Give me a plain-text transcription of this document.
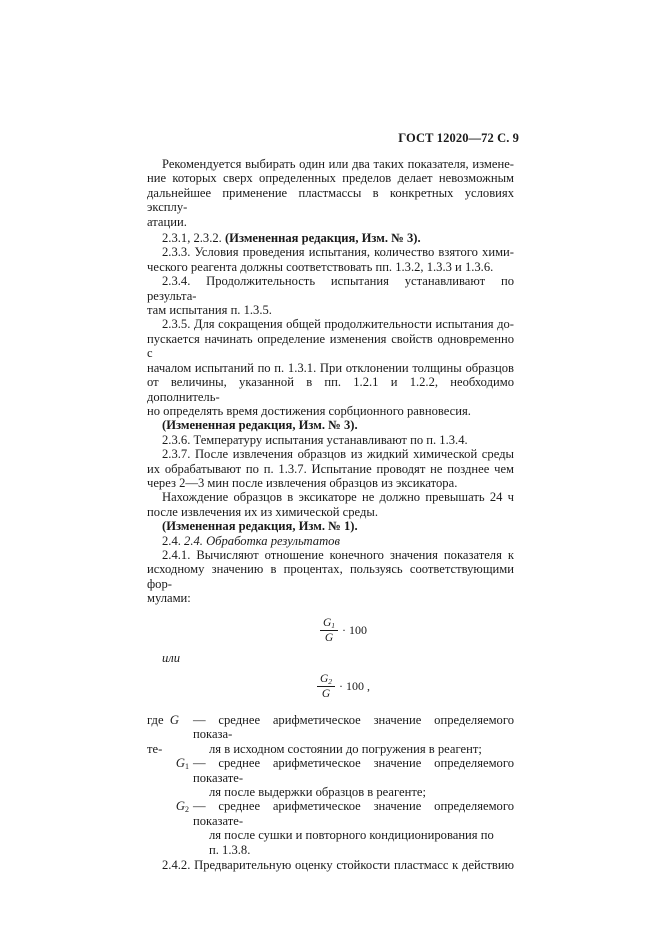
ГОСТ 12020—72 С. 9

Рекомендуется выбирать один или два таких показателя, измене-

ние которых сверх определенных пределов делает невозможным

дальнейшее применение пластмассы в конкретных условиях эксплу-

атации.

2.3.1, 2.3.2. (Измененная редакция, Изм. № 3).

2.3.3. Условия проведения испытания, количество взятого хими-

ческого реагента должны соответствовать пп. 1.3.2, 1.3.3 и 1.3.6.

2.3.4. Продолжительность испытания устанавливают по результа-

там испытания п. 1.3.5.

2.3.5. Для сокращения общей продолжительности испытания до-

пускается начинать определение изменения свойств одновременно с

началом испытаний по п. 1.3.1. При отклонении толщины образцов

от величины, указанной в пп. 1.2.1 и 1.2.2, необходимо дополнитель-

но определять время достижения сорбционного равновесия.

(Измененная редакция, Изм. № 3).

2.3.6. Температуру испытания устанавливают по п. 1.3.4.

2.3.7. После извлечения образцов из жидкий химической среды

их обрабатывают по п. 1.3.7. Испытание проводят не позднее чем

через 2—3 мин после извлечения образцов из эксикатора.

Нахождение образцов в эксикаторе не должно превышать 24 ч

после извлечения их из химической среды.

(Измененная редакция, Изм. № 1).

2.4. 2.4. Обработка результатов

2.4.1. Вычисляют отношение конечного значения показателя к

исходному значению в процентах, пользуясь соответствующими фор-

мулами:

$\frac{G_1}{G} \cdot 100$

или

$\frac{G_2}{G} \cdot 100$ ,
где G	— среднее арифметическое значение определяемого показа-
те-	ля в исходном состоянии до погружения в реагент;
$G_1$ — среднее арифметическое значение определяемого показате-

ля после выдержки образцов в реагенте;

$G_2$ — среднее арифметическое значение определяемого показате-

ля после сушки и повторного кондиционирования по

п. 1.3.8.

2.4.2. Предварительную оценку стойкости пластмасс к действию
